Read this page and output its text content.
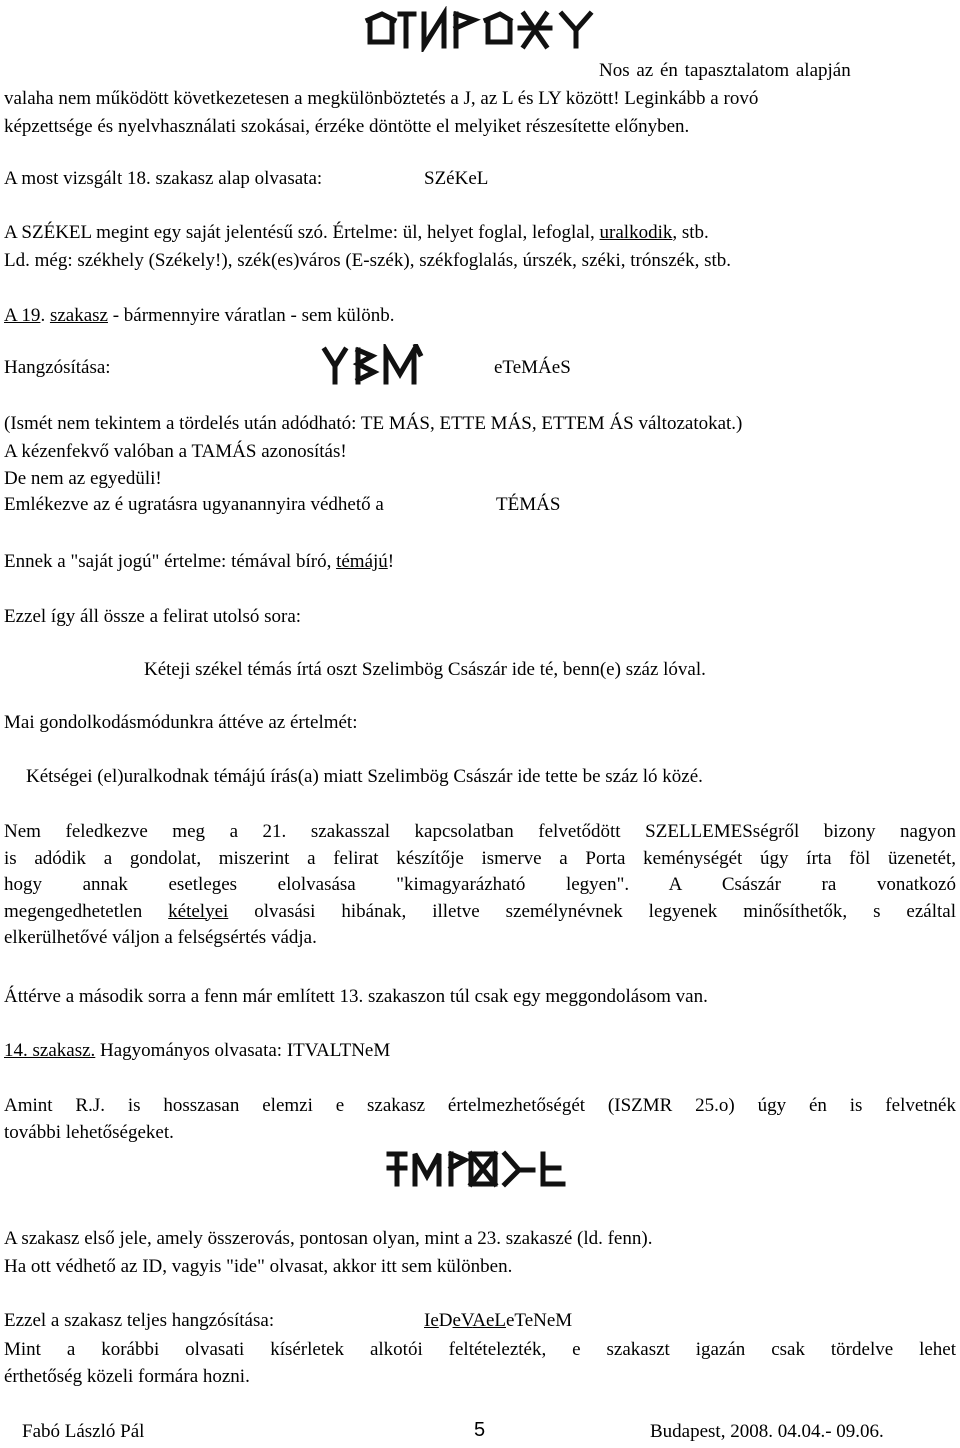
Nos az én tapasztalatom alapján
valaha nem működött következetesen a megkülönböztetés a J, az L és LY között! Leginkább a rovó
képzettsége és nyelvhasználati szokásai, érzéke döntötte el melyiket részesítette előnyben.
A most vizsgált 18. szakasz alap olvasata:	SZéKeL
A SZÉKEL megint egy saját jelentésű szó. Értelme: ül, helyet foglal, lefoglal, uralkodik, stb.
Ld. még: székhely (Székely!), szék(es)város (E-szék), székfoglalás, úrszék, széki, trónszék, stb.
A 19. szakasz - bármennyire váratlan - sem különb.
Hangzósítása:	eTeMÁeS
(Ismét nem tekintem a tördelés után adódható: TE MÁS, ETTE MÁS, ETTEM ÁS változatokat.)
A kézenfekvő valóban a TAMÁS azonosítás!
De nem az egyedüli!
Emlékezve az é ugratásra ugyanannyira védhető a	TÉMÁS
Ennek a "saját jogú" értelme: témával bíró, témájú!
Ezzel így áll össze a felirat utolsó sora:
Kéteji székel témás írtá oszt Szelimbög Császár ide té, benn(e) száz lóval.
Mai gondolkodásmódunkra áttéve az értelmét:
Kétségei (el)uralkodnak témájú írás(a) miatt Szelimbög Császár ide tette be száz ló közé.

Nem feledkezve meg a 21. szakasszal kapcsolatban felvetődött SZELLEMESségről bizony nagyon

is adódik a gondolat, miszerint a felirat készítője ismerve a Porta keménységét úgy írta föl üzenetét,

hogy annak esetleges elolvasása "kimagyarázható legyen". A Császár ra vonatkozó

megengedhetetlen kételyei olvasási hibának, illetve személynévnek legyenek minősíthetők, s ezáltal

elkerülhetővé váljon a felségsértés vádja.

Áttérve a második sorra a fenn már említett 13. szakaszon túl csak egy meggondolásom van.
14. szakasz. Hagyományos olvasata: ITVALTNeM

Amint R.J. is hosszasan elemzi e szakasz értelmezhetőségét (ISZMR 25.o) úgy én is felvetnék

további lehetőségeket.

A szakasz első jele, amely összerovás, pontosan olyan, mint a 23. szakaszé (ld. fenn).
Ha ott védhető az ID, vagyis "ide" olvasat, akkor itt sem különben.
Ezzel a szakasz teljes hangzósítása:	IeDeVAeLeTeNeM

Mint a korábbi olvasati kísérletek alkotói feltételezték, e szakaszt igazán csak tördelve lehet

érthetőség közeli formára hozni.

Fabó László Pál	5	Budapest, 2008. 04.04.- 09.06.
